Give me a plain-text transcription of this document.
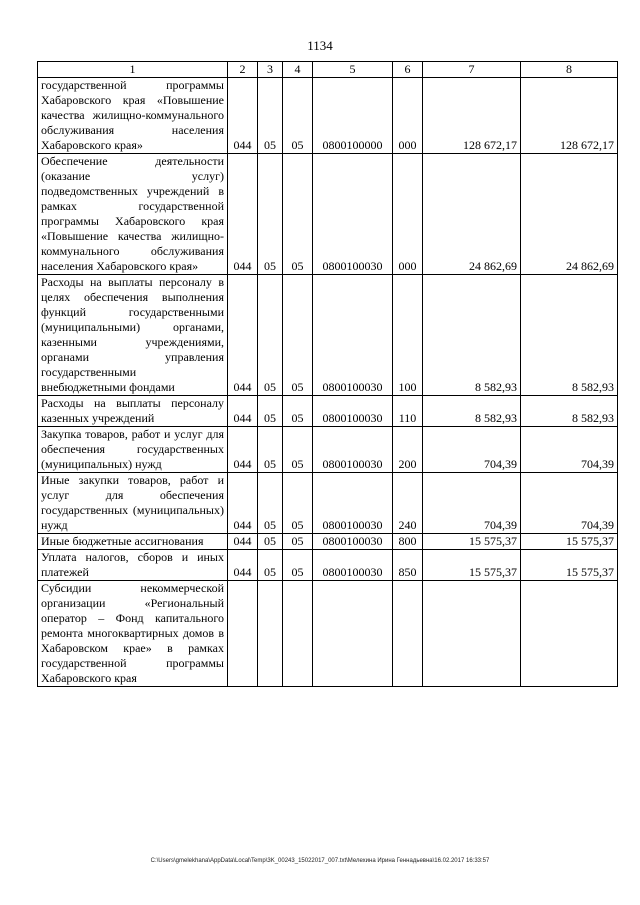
1134
1	2	3	4	5	6	7	8
государственной программы Хабаровского края «Повышение качества жилищно-коммунального обслуживания населения Хабаровского края»	044	05	05	0800100000	000	128 672,17	128 672,17
Обеспечение деятельности (оказание услуг) подведомственных учреждений в рамках государственной программы Хабаровского края «Повышение качества жилищно-коммунального обслуживания населения Хабаровского края»	044	05	05	0800100030	000	24 862,69	24 862,69
Расходы на выплаты персоналу в целях обеспечения выполнения функций государственными (муниципальными) органами, казенными учреждениями, органами управления государственными внебюджетными фондами	044	05	05	0800100030	100	8 582,93	8 582,93
Расходы на выплаты персоналу казенных учреждений	044	05	05	0800100030	110	8 582,93	8 582,93
Закупка товаров, работ и услуг для обеспечения государственных (муниципальных) нужд	044	05	05	0800100030	200	704,39	704,39
Иные закупки товаров, работ и услуг для обеспечения государственных (муниципальных) нужд	044	05	05	0800100030	240	704,39	704,39
Иные бюджетные ассигнования	044	05	05	0800100030	800	15 575,37	15 575,37
Уплата налогов, сборов и иных платежей	044	05	05	0800100030	850	15 575,37	15 575,37
Субсидии некоммерческой организации «Региональный оператор – Фонд капитального ремонта многоквартирных домов в Хабаровском крае» в рамках государственной программы Хабаровского края							
C:\Users\gmelekhana\AppData\Local\Temp\3K_00243_15022017_007.txt\Мелехина Ирина Геннадьевна\16.02.2017 16:33:57
